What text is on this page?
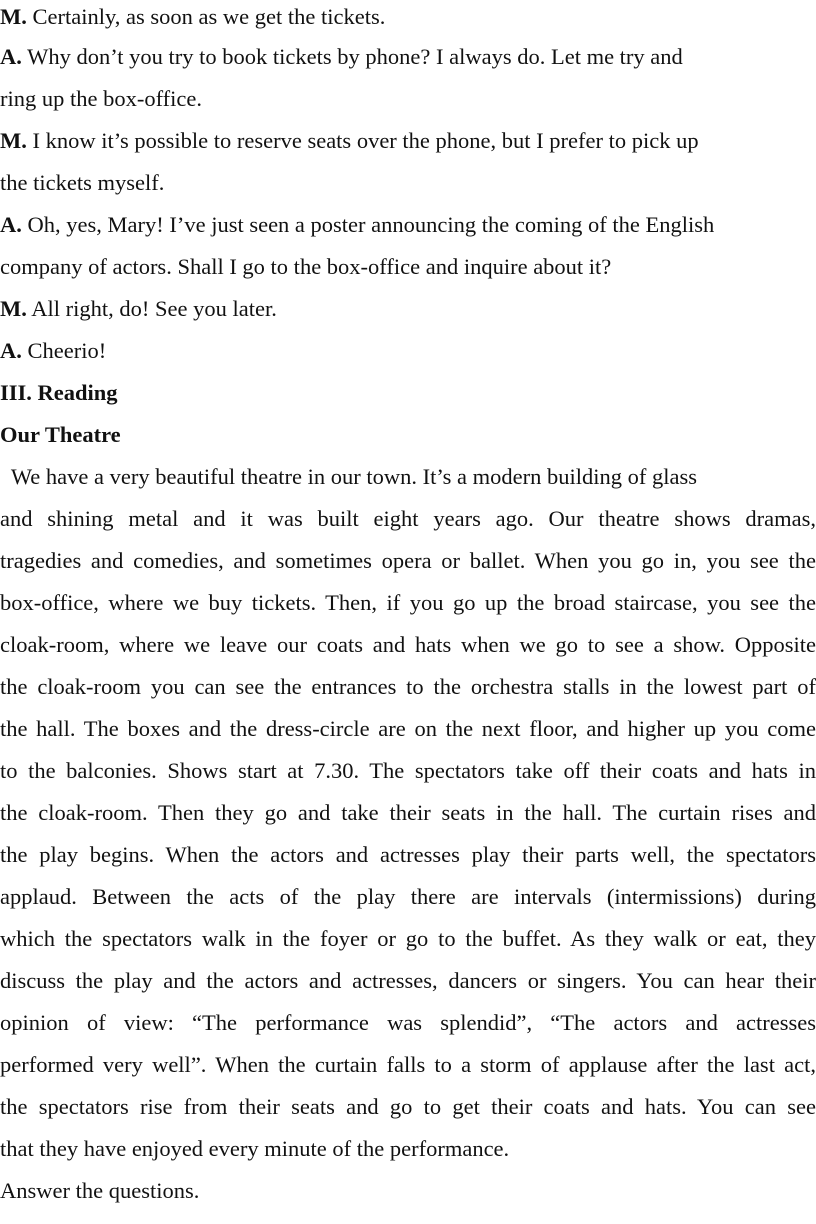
M. Certainly, as soon as we get the tickets.
A. Why don’t you try to book tickets by phone? I always do. Let me try and
ring up the box-office.
M. I know it’s possible to reserve seats over the phone, but I prefer to pick up
the tickets myself.
A. Oh, yes, Mary! I’ve just seen a poster announcing the coming of the English
company of actors. Shall I go to the box-office and inquire about it?
M. All right, do! See you later.
A. Cheerio!
III. Reading
Our Theatre
We have a very beautiful theatre in our town. It’s a modern building of glass
and shining metal and it was built eight years ago. Our theatre shows dramas,
tragedies and comedies, and sometimes opera or ballet. When you go in, you see the
box-office, where we buy tickets. Then, if you go up the broad staircase, you see the
cloak-room, where we leave our coats and hats when we go to see a show. Opposite
the cloak-room you can see the entrances to the orchestra stalls in the lowest part of
the hall. The boxes and the dress-circle are on the next floor, and higher up you come
to the balconies. Shows start at 7.30. The spectators take off their coats and hats in
the cloak-room. Then they go and take their seats in the hall. The curtain rises and
the play begins. When the actors and actresses play their parts well, the spectators
applaud. Between the acts of the play there are intervals (intermissions) during
which the spectators walk in the foyer or go to the buffet. As they walk or eat, they
discuss the play and the actors and actresses, dancers or singers. You can hear their
opinion of view: “The performance was splendid”, “The actors and actresses
performed very well”. When the curtain falls to a storm of applause after the last act,
the spectators rise from their seats and go to get their coats and hats. You can see
that they have enjoyed every minute of the performance.
Answer the questions.
